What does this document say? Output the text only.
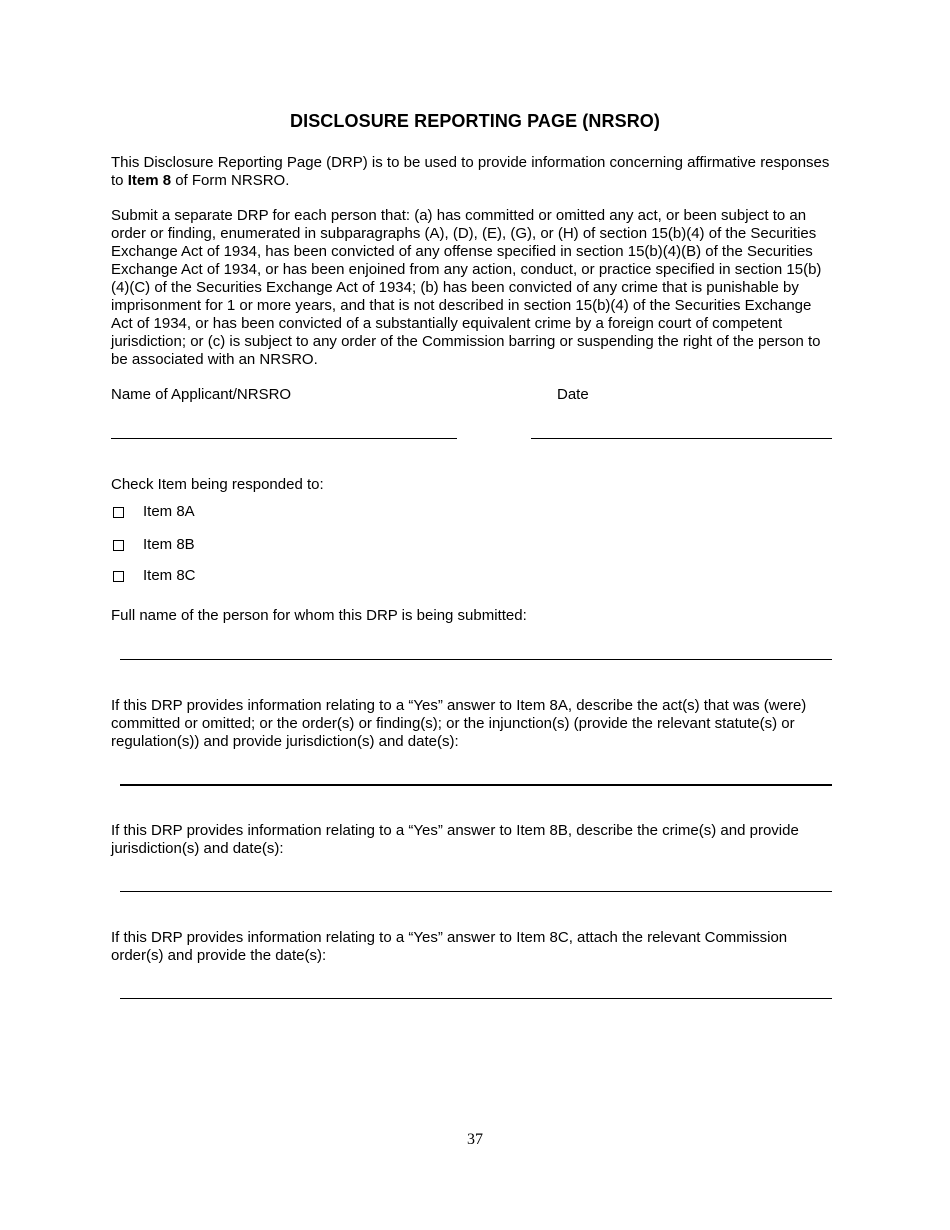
DISCLOSURE REPORTING PAGE (NRSRO)
This Disclosure Reporting Page (DRP) is to be used to provide information concerning affirmative responses to Item 8 of Form NRSRO.
Submit a separate DRP for each person that: (a) has committed or omitted any act, or been subject to an order or finding, enumerated in subparagraphs (A), (D), (E), (G), or (H) of section 15(b)(4) of the Securities Exchange Act of 1934, has been convicted of any offense specified in section 15(b)(4)(B) of the Securities Exchange Act of 1934, or has been enjoined from any action, conduct, or practice specified in section 15(b)(4)(C) of the Securities Exchange Act of 1934; (b) has been convicted of any crime that is punishable by imprisonment for 1 or more years, and that is not described in section 15(b)(4) of the Securities Exchange Act of 1934, or has been convicted of a substantially equivalent crime by a foreign court of competent jurisdiction; or (c) is subject to any order of the Commission barring or suspending the right of the person to be associated with an NRSRO.
Name of Applicant/NRSRO	Date
Check Item being responded to:
Item 8A
Item 8B
Item 8C
Full name of the person for whom this DRP is being submitted:
If this DRP provides information relating to a “Yes” answer to Item 8A, describe the act(s) that was (were) committed or omitted; or the order(s) or finding(s); or the injunction(s) (provide the relevant statute(s) or regulation(s)) and provide jurisdiction(s) and date(s):
If this DRP provides information relating to a “Yes” answer to Item 8B, describe the crime(s) and provide jurisdiction(s) and date(s):
If this DRP provides information relating to a “Yes” answer to Item 8C, attach the relevant Commission order(s) and provide the date(s):
37
